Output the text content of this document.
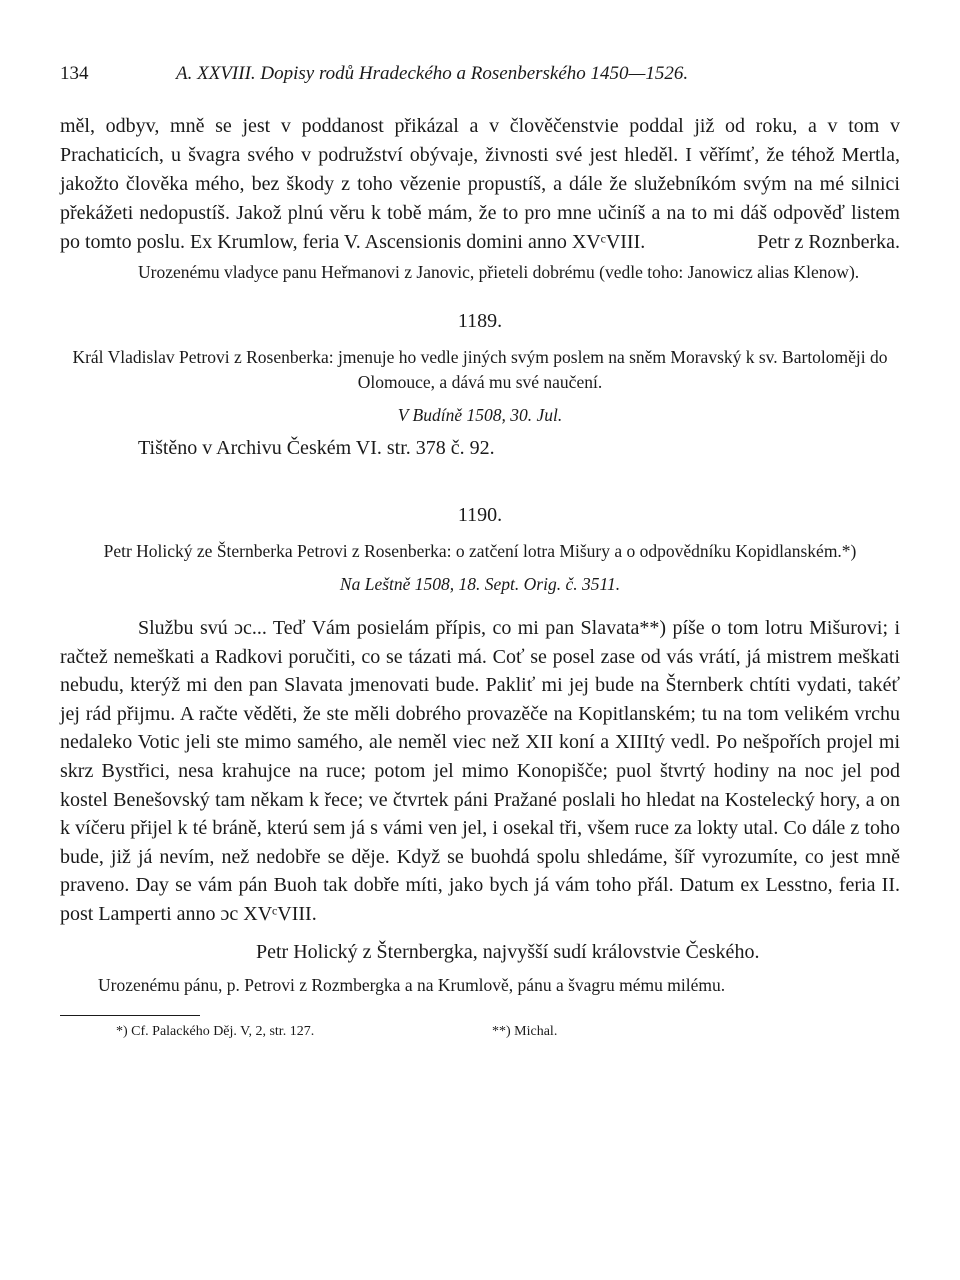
134	A. XXVIII. Dopisy rodů Hradeckého a Rosenberského 1450—1526.

měl, odbyv, mně se jest v poddanost přikázal a v člověčenstvie poddal již od roku, a v tom v Prachaticích, u švagra svého v podružství obývaje, živnosti své jest hleděl. I věřímť, že téhož Mertla, jakožto člověka mého, bez škody z toho vězenie propustíš, a dále že služebníkóm svým na mé silnici překážeti nedopustíš. Jakož plnú věru k tobě mám, že to pro mne učiníš a na to mi dáš odpověď listem po tomto poslu. Ex Krumlow, feria V. Ascensionis domini anno XVᶜVIII.	Petr z Roznberka.

Urozenému vladyce panu Heřmanovi z Janovic, přieteli dobrému (vedle toho: Janowicz alias Klenow).

1189.

Král Vladislav Petrovi z Rosenberka: jmenuje ho vedle jiných svým poslem na sněm Moravský k sv. Bartoloměji do Olomouce, a dává mu své naučení.

V Budíně 1508, 30. Jul.

Tištěno v Archivu Českém VI. str. 378 č. 92.

1190.

Petr Holický ze Šternberka Petrovi z Rosenberka: o zatčení lotra Mišury a o odpovědníku Kopidlanském.*)

Na Leštně 1508, 18. Sept. Orig. č. 3511.

Službu svú ɔc... Teď Vám posielám přípis, co mi pan Slavata**) píše o tom lotru Mišurovi; i račtež nemeškati a Radkovi poručiti, co se tázati má. Coť se posel zase od vás vrátí, já mistrem meškati nebudu, kterýž mi den pan Slavata jmenovati bude. Pakliť mi jej bude na Šternberk chtíti vydati, takéť jej rád přijmu. A račte věděti, že ste měli dobrého provazěče na Kopitlanském; tu na tom velikém vrchu nedaleko Votic jeli ste mimo samého, ale neměl viec než XII koní a XIIItý vedl. Po nešpořích projel mi skrz Bystřici, nesa krahujce na ruce; potom jel mimo Konopišče; puol štvrtý hodiny na noc jel pod kostel Benešovský tam někam k řece; ve čtvrtek páni Pražané poslali ho hledat na Kostelecký hory, a on k víčeru přijel k té bráně, kterú sem já s vámi ven jel, i osekal tři, všem ruce za lokty utal. Co dále z toho bude, již já nevím, než nedobře se děje. Když se buohdá spolu shledáme, šíř vyrozumíte, co jest mně praveno. Day se vám pán Buoh tak dobře míti, jako bych já vám toho přál. Datum ex Lesstno, feria II. post Lamperti anno ɔc XVᶜVIII.

Petr Holický z Šternbergka, najvyšší sudí královstvie Českého.

Urozenému pánu, p. Petrovi z Rozmbergka a na Krumlově, pánu a švagru mému milému.

*) Cf. Palackého Děj. V, 2, str. 127.	**) Michal.
